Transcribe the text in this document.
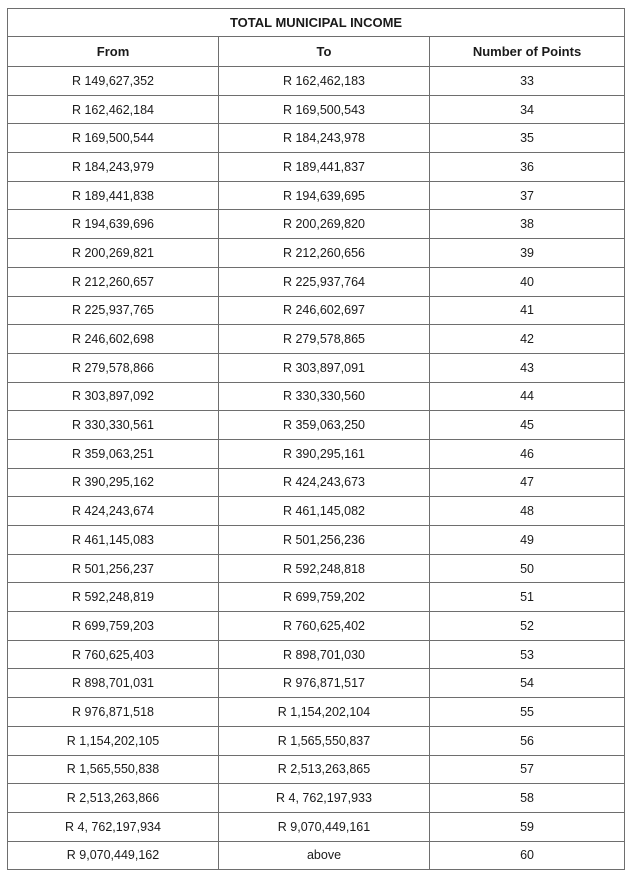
TOTAL MUNICIPAL INCOME		
From	To	Number of Points
R 149,627,352	R 162,462,183	33
R 162,462,184	R 169,500,543	34
R 169,500,544	R 184,243,978	35
R 184,243,979	R 189,441,837	36
R 189,441,838	R 194,639,695	37
R 194,639,696	R 200,269,820	38
R 200,269,821	R 212,260,656	39
R 212,260,657	R 225,937,764	40
R 225,937,765	R 246,602,697	41
R 246,602,698	R 279,578,865	42
R 279,578,866	R 303,897,091	43
R 303,897,092	R 330,330,560	44
R 330,330,561	R 359,063,250	45
R 359,063,251	R 390,295,161	46
R 390,295,162	R 424,243,673	47
R 424,243,674	R 461,145,082	48
R 461,145,083	R 501,256,236	49
R 501,256,237	R 592,248,818	50
R 592,248,819	R 699,759,202	51
R 699,759,203	R 760,625,402	52
R 760,625,403	R 898,701,030	53
R 898,701,031	R 976,871,517	54
R 976,871,518	R 1,154,202,104	55
R 1,154,202,105	R 1,565,550,837	56
R 1,565,550,838	R 2,513,263,865	57
R 2,513,263,866	R 4, 762,197,933	58
R 4, 762,197,934	R 9,070,449,161	59
R 9,070,449,162	above	60
